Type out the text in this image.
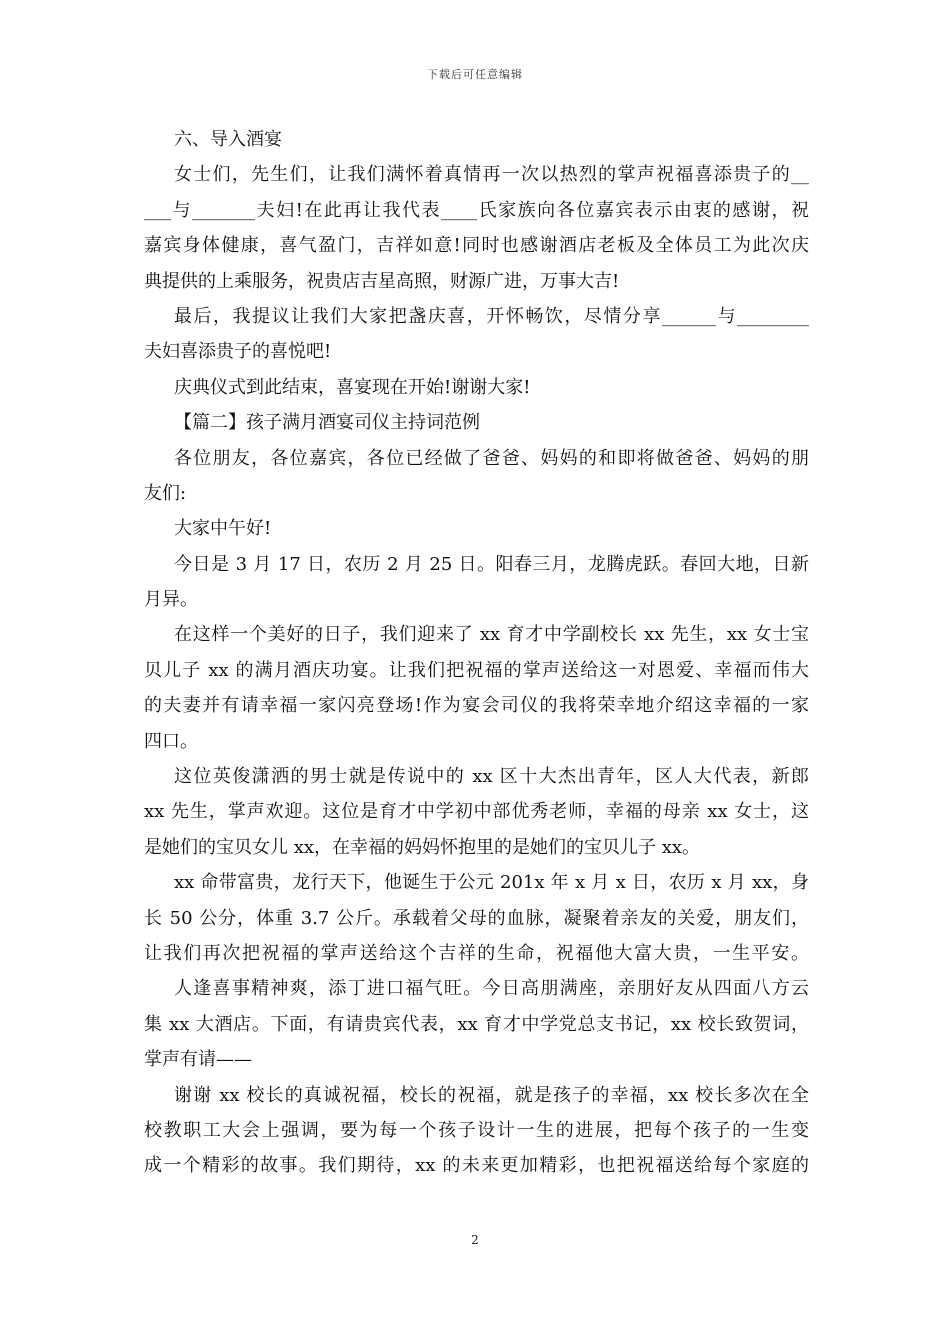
下载后可任意编辑
六、导入酒宴
女士们，先生们，让我们满怀着真情再一次以热烈的掌声祝福喜添贵子的__
___与_______夫妇!在此再让我代表____氏家族向各位嘉宾表示由衷的感谢，祝
嘉宾身体健康，喜气盈门，吉祥如意!同时也感谢酒店老板及全体员工为此次庆
典提供的上乘服务，祝贵店吉星高照，财源广进，万事大吉!
最后，我提议让我们大家把盏庆喜，开怀畅饮，尽情分享______与________
夫妇喜添贵子的喜悦吧!
庆典仪式到此结束，喜宴现在开始!谢谢大家!
【篇二】孩子满月酒宴司仪主持词范例
各位朋友，各位嘉宾，各位已经做了爸爸、妈妈的和即将做爸爸、妈妈的朋
友们:
大家中午好!
今日是 3 月 17 日，农历 2 月 25 日。阳春三月，龙腾虎跃。春回大地，日新
月异。
在这样一个美好的日子，我们迎来了 xx 育才中学副校长 xx 先生，xx 女士宝
贝儿子 xx 的满月酒庆功宴。让我们把祝福的掌声送给这一对恩爱、幸福而伟大
的夫妻并有请幸福一家闪亮登场!作为宴会司仪的我将荣幸地介绍这幸福的一家
四口。
这位英俊潇洒的男士就是传说中的 xx 区十大杰出青年，区人大代表，新郎
xx 先生，掌声欢迎。这位是育才中学初中部优秀老师，幸福的母亲 xx 女士，这
是她们的宝贝女儿 xx，在幸福的妈妈怀抱里的是她们的宝贝儿子 xx。
xx 命带富贵，龙行天下，他诞生于公元 201x 年 x 月 x 日，农历 x 月 xx，身
长 50 公分，体重 3.7 公斤。承载着父母的血脉，凝聚着亲友的关爱，朋友们，
让我们再次把祝福的掌声送给这个吉祥的生命，祝福他大富大贵，一生平安。
人逢喜事精神爽，添丁进口福气旺。今日高朋满座，亲朋好友从四面八方云
集 xx 大酒店。下面，有请贵宾代表，xx 育才中学党总支书记，xx 校长致贺词，
掌声有请——
谢谢 xx 校长的真诚祝福，校长的祝福，就是孩子的幸福，xx 校长多次在全
校教职工大会上强调，要为每一个孩子设计一生的进展，把每个孩子的一生变
成一个精彩的故事。我们期待，xx 的未来更加精彩，也把祝福送给每个家庭的
2
